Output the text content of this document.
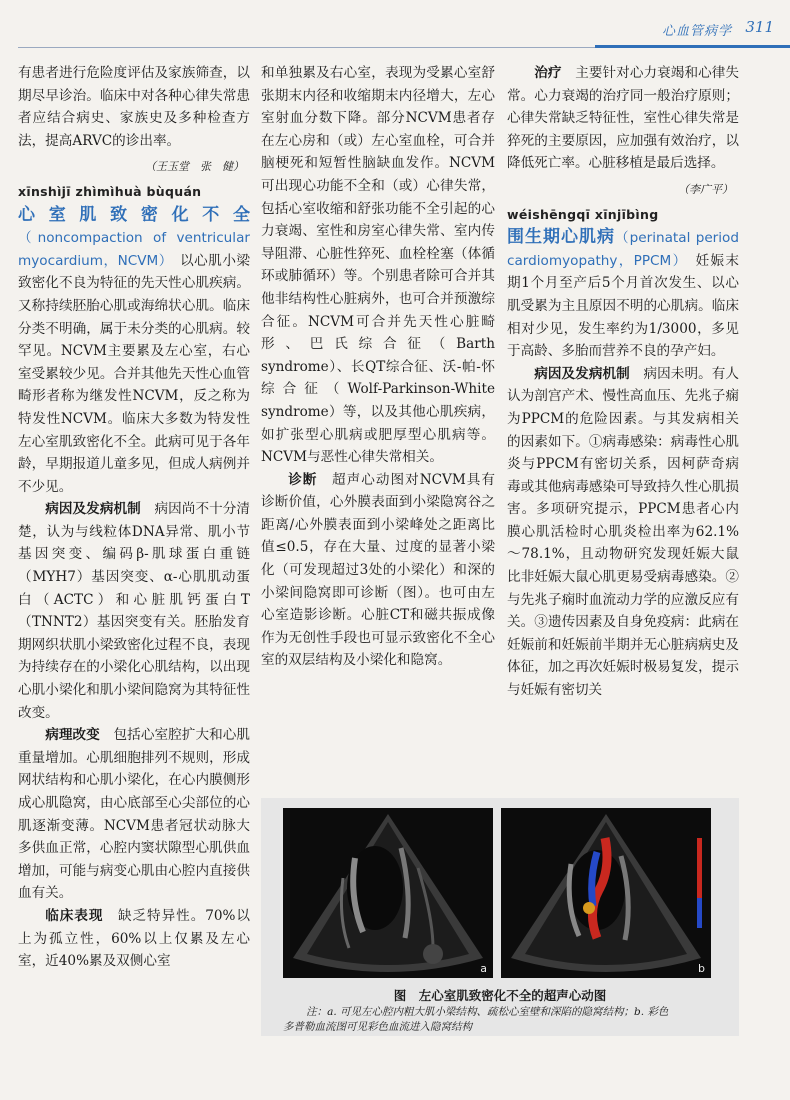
心血管病学 311

有患者进行危险度评估及家族筛查，以期尽早诊治。临床中对各种心律失常患者应结合病史、家族史及多种检查方法，提高ARVC的诊出率。

（王玉堂　张　健）

xīnshìjī zhìmìhuà bùquán

心室肌致密化不全（noncompaction of ventricular myocardium，NCVM）　 以心肌小梁致密化不良为特征的先天性心肌疾病。又称持续胚胎心肌或海绵状心肌。临床分类不明确，属于未分类的心肌病。较罕见。NCVM主要累及左心室，右心室受累较少见。合并其他先天性心血管畸形者称为继发性NCVM，反之称为特发性NCVM。临床大多数为特发性左心室肌致密化不全。此病可见于各年龄，早期报道儿童多见，但成人病例并不少见。

病因及发病机制　 病因尚不十分清楚，认为与线粒体DNA异常、肌小节基因突变、编码β-肌球蛋白重链（MYH7）基因突变、α-心肌肌动蛋白（ACTC）和心脏肌钙蛋白T（TNNT2）基因突变有关。胚胎发育期网织状肌小梁致密化过程不良，表现为持续存在的小梁化心肌结构，以出现心肌小梁化和肌小梁间隐窝为其特征性改变。

病理改变　 包括心室腔扩大和心肌重量增加。心肌细胞排列不规则，形成网状结构和心肌小梁化，在心内膜侧形成心肌隐窝，由心底部至心尖部位的心肌逐渐变薄。NCVM患者冠状动脉大多供血正常，心腔内窦状隙型心肌供血增加，可能与病变心肌由心腔内直接供血有关。

临床表现　 缺乏特异性。70%以上为孤立性，60%以上仅累及左心室，近40%累及双侧心室

和单独累及右心室，表现为受累心室舒张期末内径和收缩期末内径增大，左心室射血分数下降。部分NCVM患者存在左心房和（或）左心室血栓，可合并脑梗死和短暂性脑缺血发作。NCVM可出现心功能不全和（或）心律失常，包括心室收缩和舒张功能不全引起的心力衰竭、室性和房室心律失常、室内传导阻滞、心脏性猝死、血栓栓塞（体循环或肺循环）等。个别患者除可合并其他非结构性心脏病外，也可合并预激综合征。NCVM可合并先天性心脏畸形、巴氏综合征（Barth syndrome）、长QT综合征、沃-帕-怀综合征（Wolf-Parkinson-White syndrome）等，以及其他心肌疾病，如扩张型心肌病或肥厚型心肌病等。NCVM与恶性心律失常相关。

诊断　 超声心动图对NCVM具有诊断价值，心外膜表面到小梁隐窝谷之距离/心外膜表面到小梁峰处之距离比值≤0.5，存在大量、过度的显著小梁化（可发现超过3处的小梁化）和深的小梁间隐窝即可诊断（图）。也可由左心室造影诊断。心脏CT和磁共振成像作为无创性手段也可显示致密化不全心室的双层结构及小梁化和隐窝。

治疗　 主要针对心力衰竭和心律失常。心力衰竭的治疗同一般治疗原则；心律失常缺乏特征性，室性心律失常是猝死的主要原因，应加强有效治疗，以降低死亡率。心脏移植是最后选择。

（李广平）

wéishēngqī xīnjībìng

围生期心肌病（perinatal period cardiomyopathy，PPCM）　 妊娠末期1个月至产后5个月首次发生、以心肌受累为主且原因不明的心肌病。临床相对少见，发生率约为1/3000，多见于高龄、多胎而营养不良的孕产妇。

病因及发病机制　 病因未明。有人认为剖宫产术、慢性高血压、先兆子痫为PPCM的危险因素。与其发病相关的因素如下。①病毒感染：病毒性心肌炎与PPCM有密切关系，因柯萨奇病毒或其他病毒感染可导致持久性心肌损害。多项研究提示，PPCM患者心内膜心肌活检时心肌炎检出率为62.1%～78.1%，且动物研究发现妊娠大鼠比非妊娠大鼠心肌更易受病毒感染。②与先兆子痫时血流动力学的应激反应有关。③遗传因素及自身免疫病：此病在妊娠前和妊娠前半期并无心脏病病史及体征，加之再次妊娠时极易复发，提示与妊娠有密切关

a	b
图　左心室肌致密化不全的超声心动图
注：a. 可见左心腔内粗大肌小梁结构、疏松心室壁和深陷的隐窝结构；b. 彩色
多普勒血流图可见彩色血流进入隐窝结构
